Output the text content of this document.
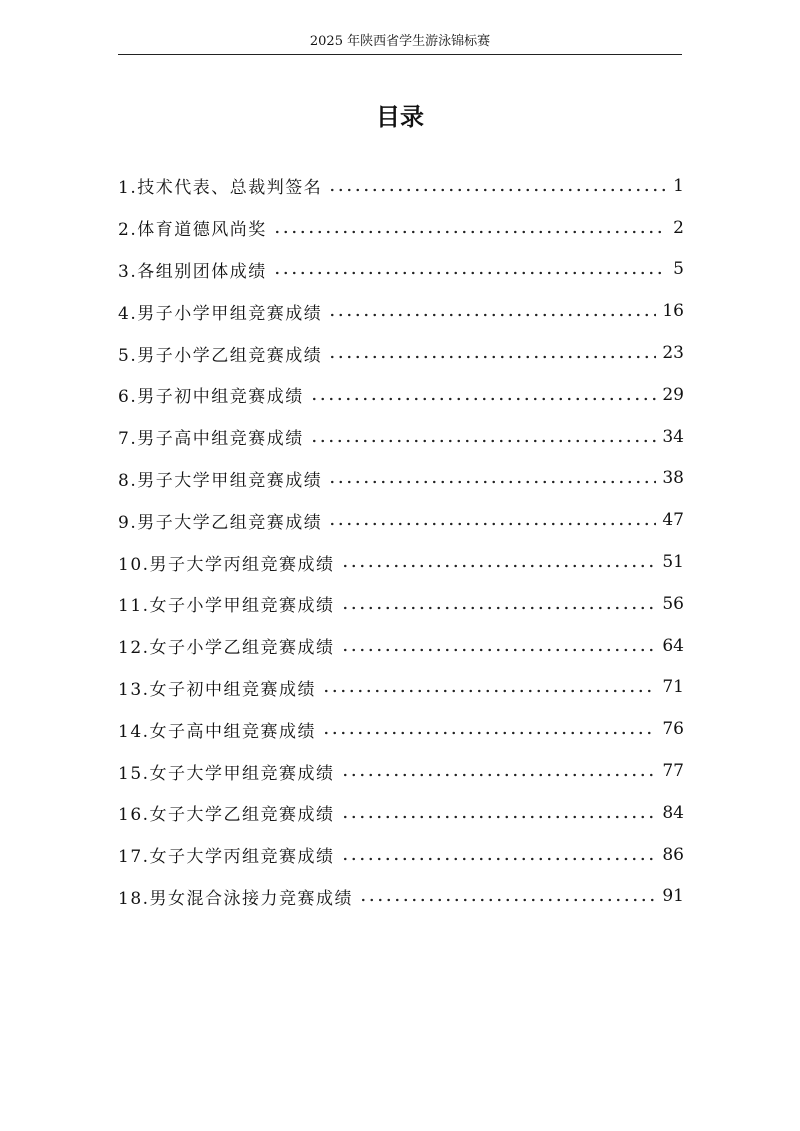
2025 年陕西省学生游泳锦标赛
目录
1.技术代表、总裁判签名	1
2.体育道德风尚奖	2
3.各组别团体成绩	5
4.男子小学甲组竞赛成绩	16
5.男子小学乙组竞赛成绩	23
6.男子初中组竞赛成绩	29
7.男子高中组竞赛成绩	34
8.男子大学甲组竞赛成绩	38
9.男子大学乙组竞赛成绩	47
10.男子大学丙组竞赛成绩	51
11.女子小学甲组竞赛成绩	56
12.女子小学乙组竞赛成绩	64
13.女子初中组竞赛成绩	71
14.女子高中组竞赛成绩	76
15.女子大学甲组竞赛成绩	77
16.女子大学乙组竞赛成绩	84
17.女子大学丙组竞赛成绩	86
18.男女混合泳接力竞赛成绩	91
